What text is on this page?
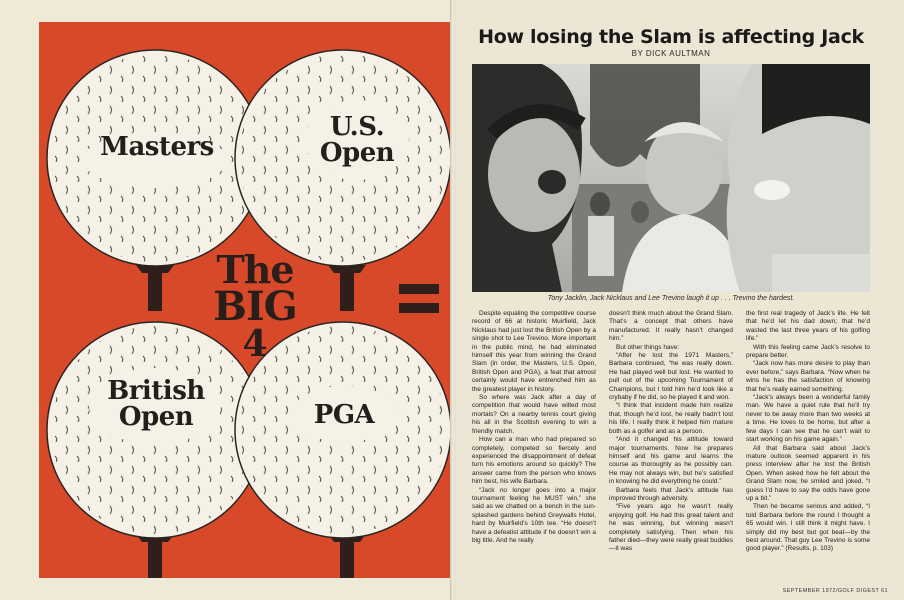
Masters
U.S.
Open
British
Open	PGA
The
BIG
4
How losing the Slam is affecting Jack
BY DICK AULTMAN
Tony Jacklin, Jack Nicklaus and Lee Trevino laugh it up . . . Trevino the hardest.

Despite equaling the competitive course record of 66 at historic Muirfield, Jack Nicklaus had just lost the British Open by a single shot to Lee Trevino. More important in the public mind, he had eliminated himself this year from winning the Grand Slam (in order, the Masters, U.S. Open, British Open and PGA), a feat that almost certainly would have entrenched him as the greatest player in history.

So where was Jack after a day of competition that would have wilted most mortals? On a nearby tennis court giving his all in the Scottish evening to win a friendly match.

How can a man who had prepared so completely, competed so fiercely and experienced the disappointment of defeat turn his emotions around so quickly? The answer came from the person who knows him best, his wife Barbara.

“Jack no longer goes into a major tournament feeling he MUST win,” she said as we chatted on a bench in the sun-splashed gardens behind Greywalls Hotel, hard by Muirfield’s 10th tee. “He doesn’t have a defeatist attitude if he doesn’t win a big title. And he really

doesn’t think much about the Grand Slam. That’s a concept that others have manufactured. It really hasn’t changed him.”

But other things have:

“After he lost the 1971 Masters,” Barbara continued, “he was really down. He had played well but lost. He wanted to pull out of the upcoming Tournament of Champions, but I told him he’d look like a crybaby if he did, so he played it and won.

“I think that incident made him realize that, though he’d lost, he really hadn’t lost his life. I really think it helped him mature both as a golfer and as a person.

“And it changed his attitude toward major tournaments. Now he prepares himself and his game and learns the course as thoroughly as he possibly can. He may not always win, but he’s satisfied in knowing he did everything he could.”

Barbara feels that Jack’s attitude has improved through adversity.

“Five years ago he wasn’t really enjoying golf. He had this great talent and he was winning, but winning wasn’t completely satisfying. Then when his father died—they were really great buddies—it was

the first real tragedy of Jack’s life. He felt that he’d let his dad down; that he’d wasted the last three years of his golfing life.”

With this feeling came Jack’s resolve to prepare better.

“Jack now has more desire to play than ever before,” says Barbara. “Now when he wins he has the satisfaction of knowing that he’s really earned something.

“Jack’s always been a wonderful family man. We have a quiet rule that he’ll try never to be away more than two weeks at a time. He loves to be home, but after a few days I can see that he can’t wait to start working on his game again.”

All that Barbara said about Jack’s mature outlook seemed apparent in his press interview after he lost the British Open. When asked how he felt about the Grand Slam now, he smiled and joked, “I guess I’d have to say the odds have gone up a bit.”

Then he became serious and added, “I told Barbara before the round I thought a 65 would win. I still think it might have. I simply did my best but got beat—by the best around. That guy Lee Trevino is some good player.” (Results, p. 103)

SEPTEMBER 1972/GOLF DIGEST 61
